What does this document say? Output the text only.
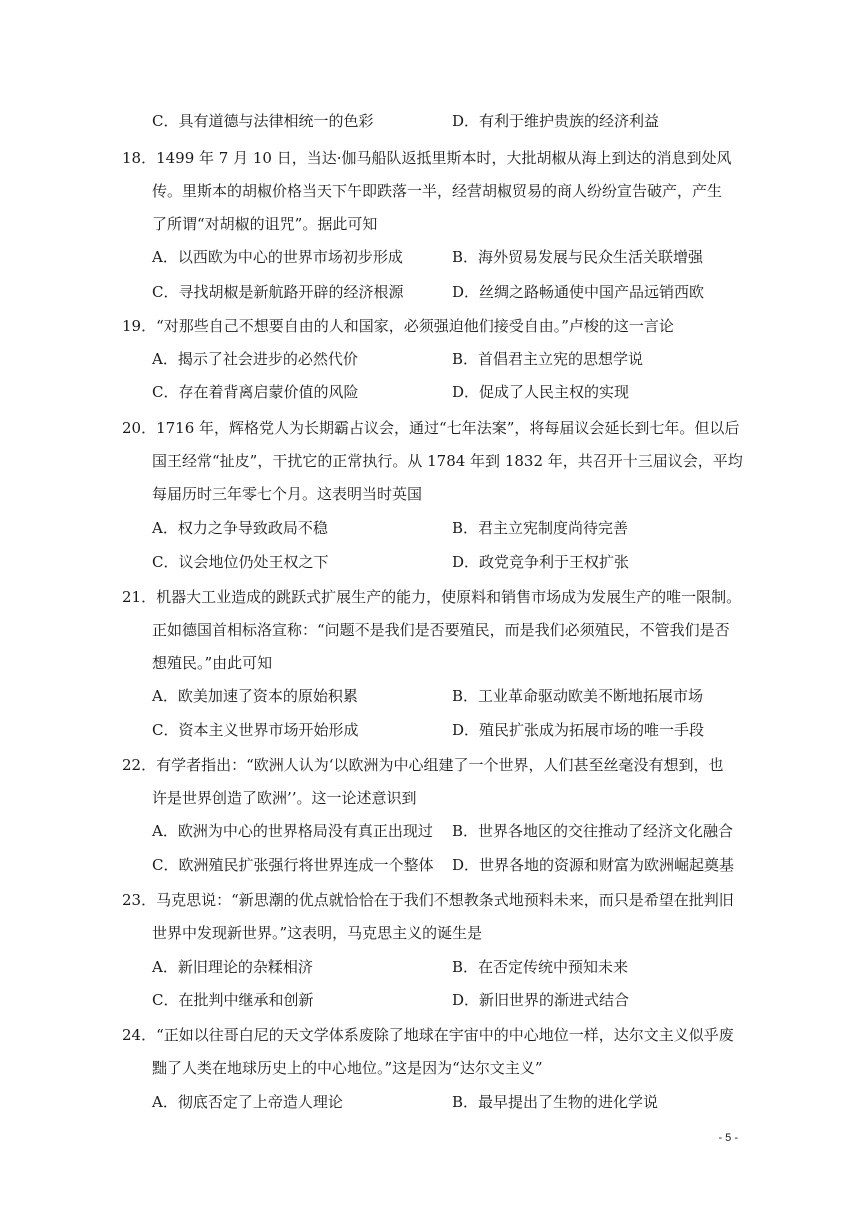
C．具有道德与法律相统一的色彩	D．有利于维护贵族的经济利益
18．1499 年 7 月 10 日，当达·伽马船队返抵里斯本时，大批胡椒从海上到达的消息到处风
传。里斯本的胡椒价格当天下午即跌落一半，经营胡椒贸易的商人纷纷宣告破产，产生
了所谓“对胡椒的诅咒”。据此可知
A．以西欧为中心的世界市场初步形成	B．海外贸易发展与民众生活关联增强
C．寻找胡椒是新航路开辟的经济根源	D．丝绸之路畅通使中国产品远销西欧
19．“对那些自己不想要自由的人和国家，必须强迫他们接受自由。”卢梭的这一言论
A．揭示了社会进步的必然代价	B．首倡君主立宪的思想学说
C．存在着背离启蒙价值的风险	D．促成了人民主权的实现
20．1716 年，辉格党人为长期霸占议会，通过“七年法案”，将每届议会延长到七年。但以后
国王经常“扯皮”，干扰它的正常执行。从 1784 年到 1832 年，共召开十三届议会，平均
每届历时三年零七个月。这表明当时英国
A．权力之争导致政局不稳	B．君主立宪制度尚待完善
C．议会地位仍处王权之下	D．政党竞争利于王权扩张
21．机器大工业造成的跳跃式扩展生产的能力，使原料和销售市场成为发展生产的唯一限制。
正如德国首相标洛宣称：“问题不是我们是否要殖民，而是我们必须殖民，不管我们是否
想殖民。”由此可知
A．欧美加速了资本的原始积累	B．工业革命驱动欧美不断地拓展市场
C．资本主义世界市场开始形成	D．殖民扩张成为拓展市场的唯一手段
22．有学者指出：“欧洲人认为‘以欧洲为中心组建了一个世界，人们甚至丝毫没有想到，也
许是世界创造了欧洲’’。这一论述意识到
A．欧洲为中心的世界格局没有真正出现过 B．世界各地区的交往推动了经济文化融合
C．欧洲殖民扩张强行将世界连成一个整体 D．世界各地的资源和财富为欧洲崛起奠基
23．马克思说：“新思潮的优点就恰恰在于我们不想教条式地预料未来，而只是希望在批判旧
世界中发现新世界。”这表明，马克思主义的诞生是
A．新旧理论的杂糅相济	B．在否定传统中预知未来
C．在批判中继承和创新	D．新旧世界的渐进式结合
24．“正如以往哥白尼的天文学体系废除了地球在宇宙中的中心地位一样，达尔文主义似乎废
黜了人类在地球历史上的中心地位。”这是因为“达尔文主义”
A．彻底否定了上帝造人理论	B．最早提出了生物的进化学说
- 5 -
